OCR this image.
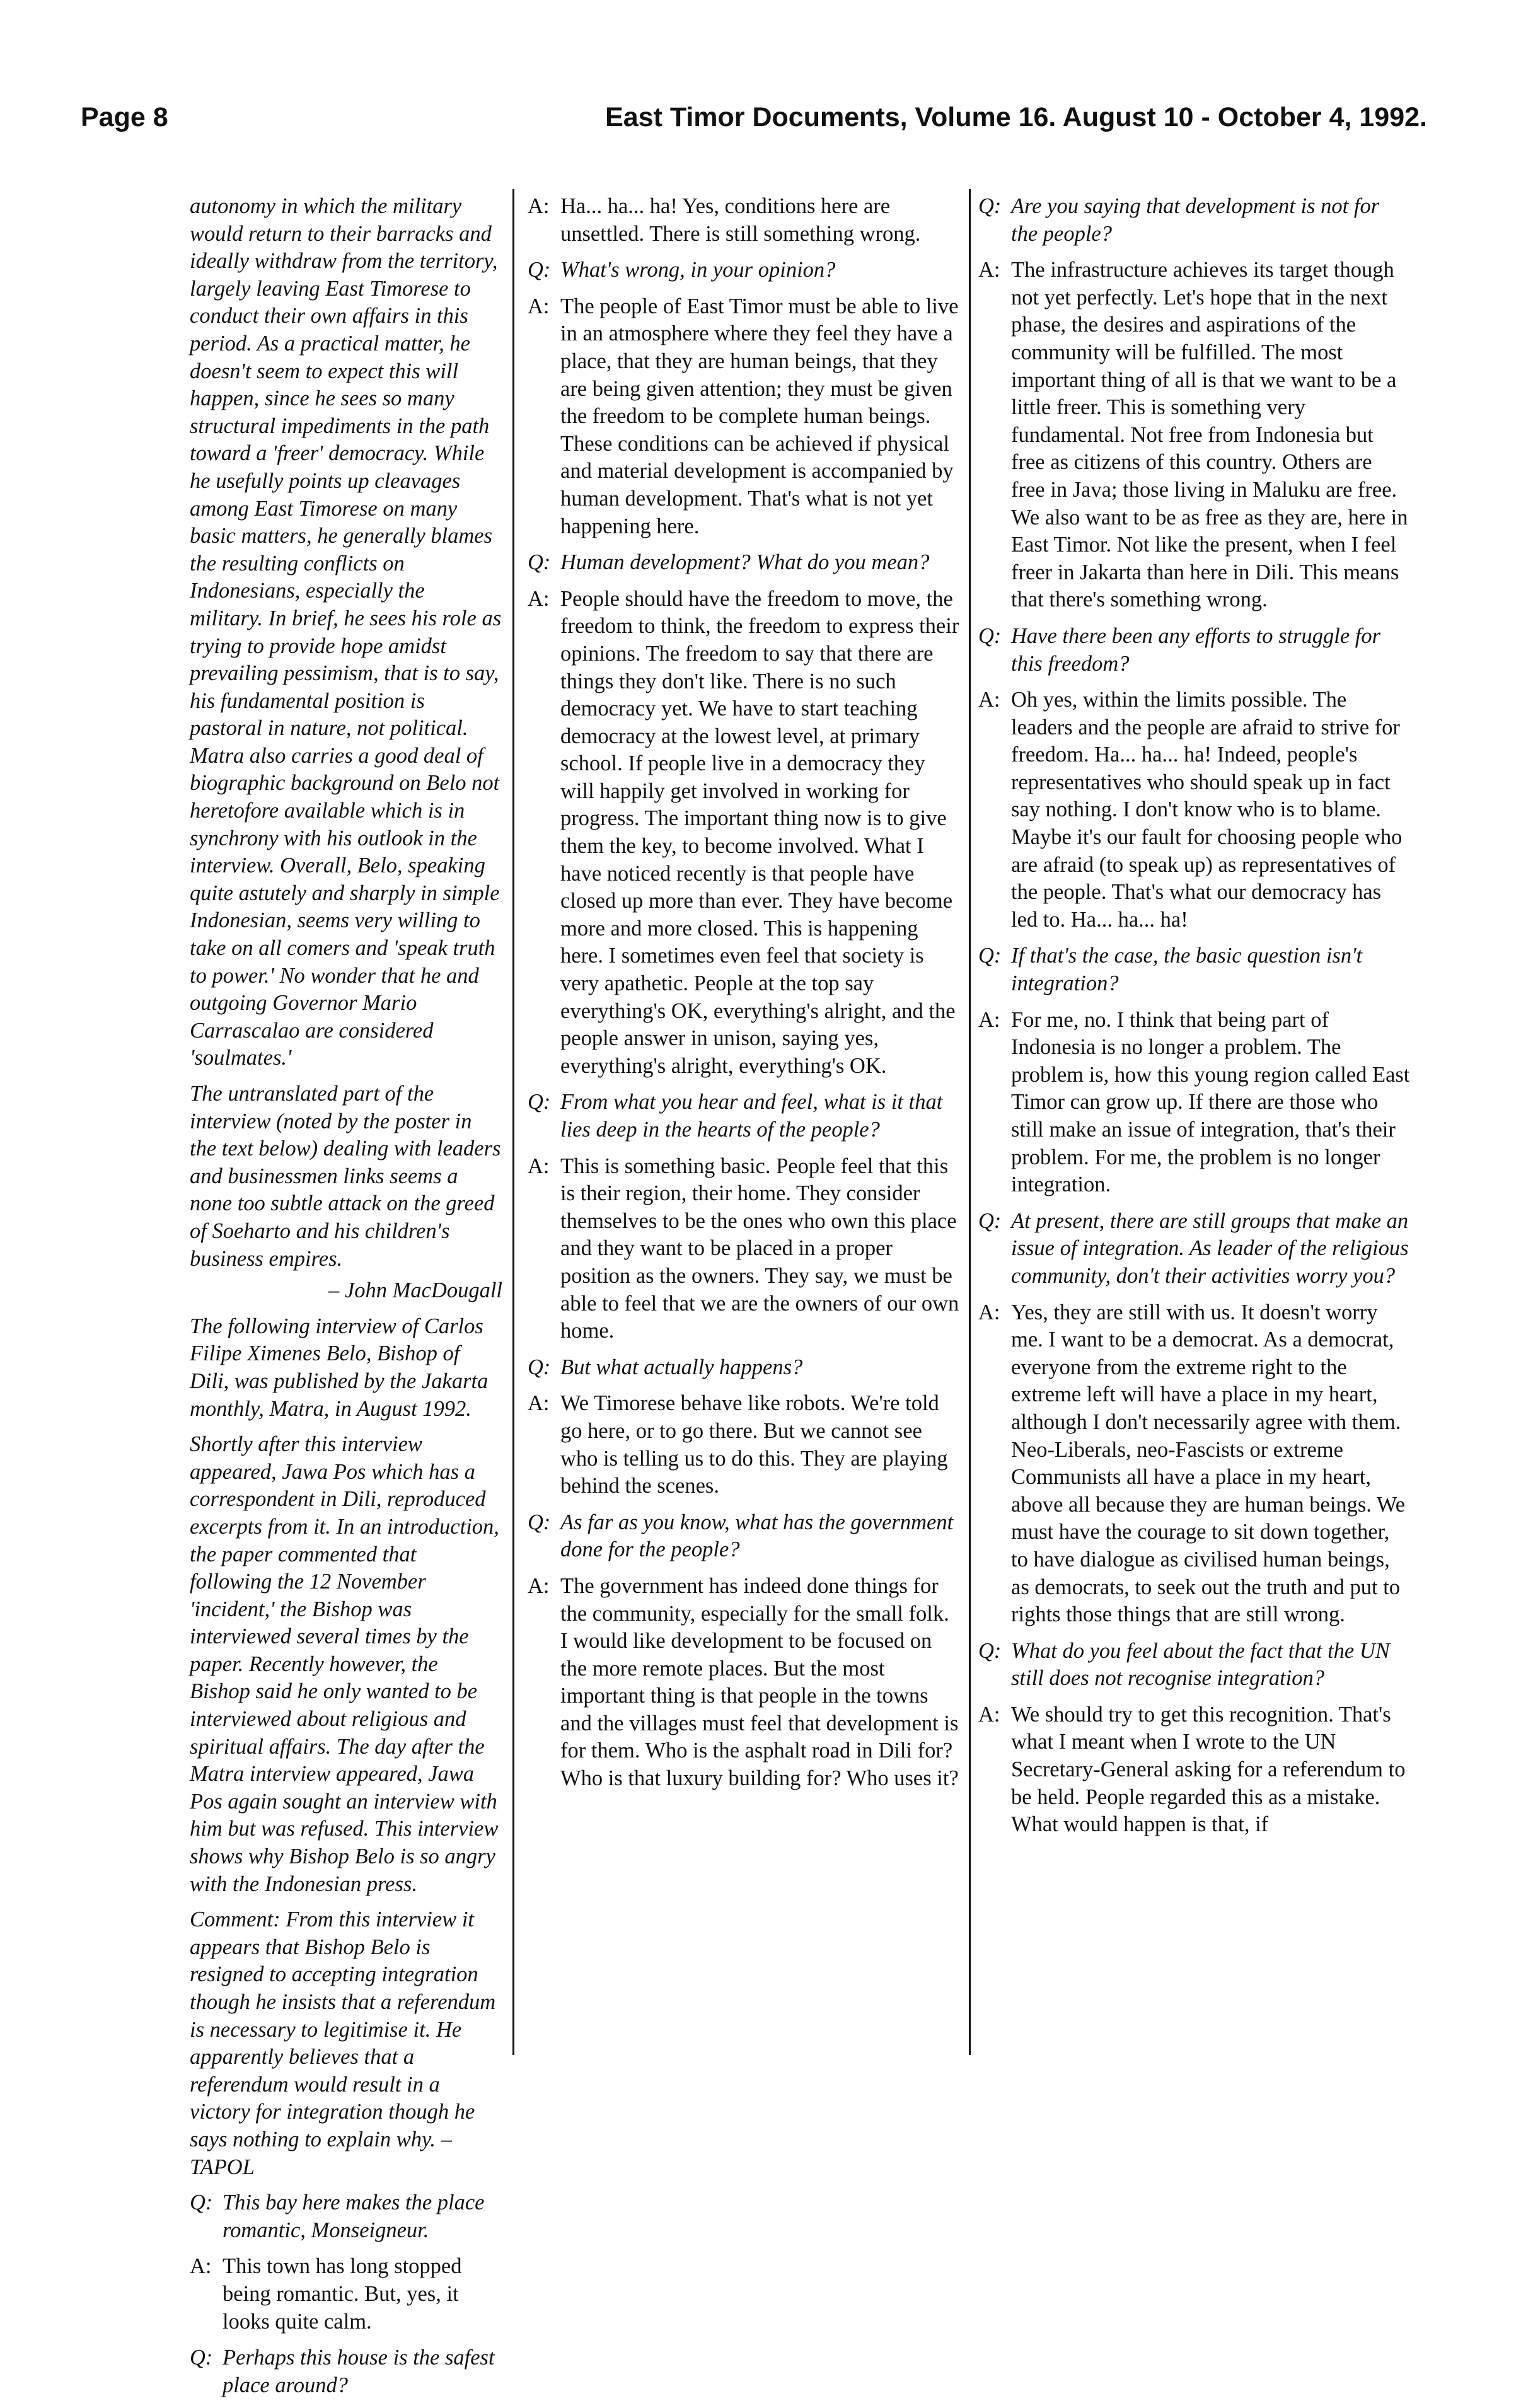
Page 8	East Timor Documents, Volume 16. August 10 - October 4, 1992.

autonomy in which the military would return to their barracks and ideally withdraw from the territory, largely leaving East Timorese to conduct their own affairs in this period. As a practical matter, he doesn't seem to expect this will happen, since he sees so many structural impediments in the path toward a 'freer' democracy. While he usefully points up cleavages among East Timorese on many basic matters, he generally blames the resulting conflicts on Indonesians, especially the military. In brief, he sees his role as trying to provide hope amidst prevailing pessimism, that is to say, his fundamental position is pastoral in nature, not political. Matra also carries a good deal of biographic background on Belo not heretofore available which is in synchrony with his outlook in the interview. Overall, Belo, speaking quite astutely and sharply in simple Indonesian, seems very willing to take on all comers and 'speak truth to power.' No wonder that he and outgoing Governor Mario Carrascalao are considered 'soulmates.'

The untranslated part of the interview (noted by the poster in the text below) dealing with leaders and businessmen links seems a none too subtle attack on the greed of Soeharto and his children's business empires.

– John MacDougall

The following interview of Carlos Filipe Ximenes Belo, Bishop of Dili, was published by the Jakarta monthly, Matra, in August 1992.

Shortly after this interview appeared, Jawa Pos which has a correspondent in Dili, reproduced excerpts from it. In an introduction, the paper commented that following the 12 November 'incident,' the Bishop was interviewed several times by the paper. Recently however, the Bishop said he only wanted to be interviewed about religious and spiritual affairs. The day after the Matra interview appeared, Jawa Pos again sought an interview with him but was refused. This interview shows why Bishop Belo is so angry with the Indonesian press.

Comment: From this interview it appears that Bishop Belo is resigned to accepting integration though he insists that a referendum is necessary to legitimise it. He apparently believes that a referendum would result in a victory for integration though he says nothing to explain why. – TAPOL

Q: This bay here makes the place romantic, Monseigneur.
A: This town has long stopped being romantic. But, yes, it looks quite calm.
Q: Perhaps this house is the safest place around?
A: Ha... ha... ha! Yes, conditions here are unsettled. There is still something wrong.
Q: What's wrong, in your opinion?
A: The people of East Timor must be able to live in an atmosphere where they feel they have a place, that they are human beings, that they are being given attention; they must be given the freedom to be complete human beings. These conditions can be achieved if physical and material development is accompanied by human development. That's what is not yet happening here.
Q: Human development? What do you mean?
A: People should have the freedom to move, the freedom to think, the freedom to express their opinions. The freedom to say that there are things they don't like. There is no such democracy yet. We have to start teaching democracy at the lowest level, at primary school. If people live in a democracy they will happily get involved in working for progress. The important thing now is to give them the key, to become involved. What I have noticed recently is that people have closed up more than ever. They have become more and more closed. This is happening here. I sometimes even feel that society is very apathetic. People at the top say everything's OK, everything's alright, and the people answer in unison, saying yes, everything's alright, everything's OK.
Q: From what you hear and feel, what is it that lies deep in the hearts of the people?
A: This is something basic. People feel that this is their region, their home. They consider themselves to be the ones who own this place and they want to be placed in a proper position as the owners. They say, we must be able to feel that we are the owners of our own home.
Q: But what actually happens?
A: We Timorese behave like robots. We're told go here, or to go there. But we cannot see who is telling us to do this. They are playing behind the scenes.
Q: As far as you know, what has the government done for the people?
A: The government has indeed done things for the community, especially for the small folk. I would like development to be focused on the more remote places. But the most important thing is that people in the towns and the villages must feel that development is for them. Who is the asphalt road in Dili for? Who is that luxury building for? Who uses it?
Q: Are you saying that development is not for the people?
A: The infrastructure achieves its target though not yet perfectly. Let's hope that in the next phase, the desires and aspirations of the community will be fulfilled. The most important thing of all is that we want to be a little freer. This is something very fundamental. Not free from Indonesia but free as citizens of this country. Others are free in Java; those living in Maluku are free. We also want to be as free as they are, here in East Timor. Not like the present, when I feel freer in Jakarta than here in Dili. This means that there's something wrong.
Q: Have there been any efforts to struggle for this freedom?
A: Oh yes, within the limits possible. The leaders and the people are afraid to strive for freedom. Ha... ha... ha! Indeed, people's representatives who should speak up in fact say nothing. I don't know who is to blame. Maybe it's our fault for choosing people who are afraid (to speak up) as representatives of the people. That's what our democracy has led to. Ha... ha... ha!
Q: If that's the case, the basic question isn't integration?
A: For me, no. I think that being part of Indonesia is no longer a problem. The problem is, how this young region called East Timor can grow up. If there are those who still make an issue of integration, that's their problem. For me, the problem is no longer integration.
Q: At present, there are still groups that make an issue of integration. As leader of the religious community, don't their activities worry you?
A: Yes, they are still with us. It doesn't worry me. I want to be a democrat. As a democrat, everyone from the extreme right to the extreme left will have a place in my heart, although I don't necessarily agree with them. Neo-Liberals, neo-Fascists or extreme Communists all have a place in my heart, above all because they are human beings. We must have the courage to sit down together, to have dialogue as civilised human beings, as democrats, to seek out the truth and put to rights those things that are still wrong.
Q: What do you feel about the fact that the UN still does not recognise integration?
A: We should try to get this recognition. That's what I meant when I wrote to the UN Secretary-General asking for a referendum to be held. People regarded this as a mistake. What would happen is that, if
